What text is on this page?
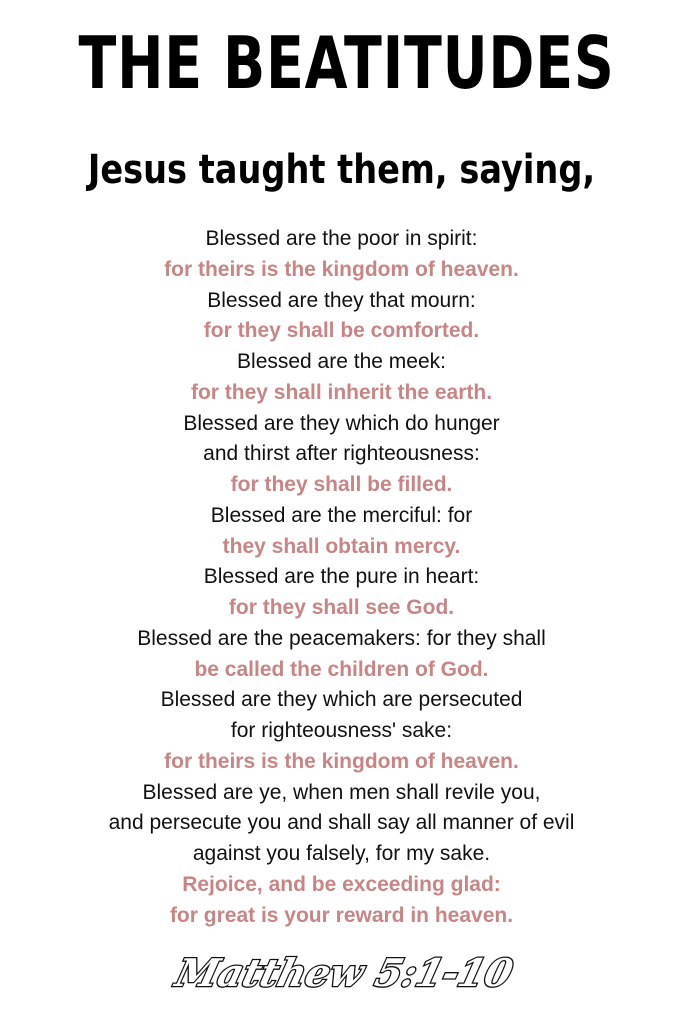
THE BEATITUDES
Jesus taught them, saying,
Blessed are the poor in spirit:
for theirs is the kingdom of heaven.
Blessed are they that mourn:
for they shall be comforted.
Blessed are the meek:
for they shall inherit the earth.
Blessed are they which do hunger
and thirst after righteousness:
for they shall be filled.
Blessed are the merciful: for
they shall obtain mercy.
Blessed are the pure in heart:
for they shall see God.
Blessed are the peacemakers: for they shall
be called the children of God.
Blessed are they which are persecuted
for righteousness' sake:
for theirs is the kingdom of heaven.
Blessed are ye, when men shall revile you,
and persecute you and shall say all manner of evil
against you falsely, for my sake.
Rejoice, and be exceeding glad:
for great is your reward in heaven.
Matthew 5:1-10
